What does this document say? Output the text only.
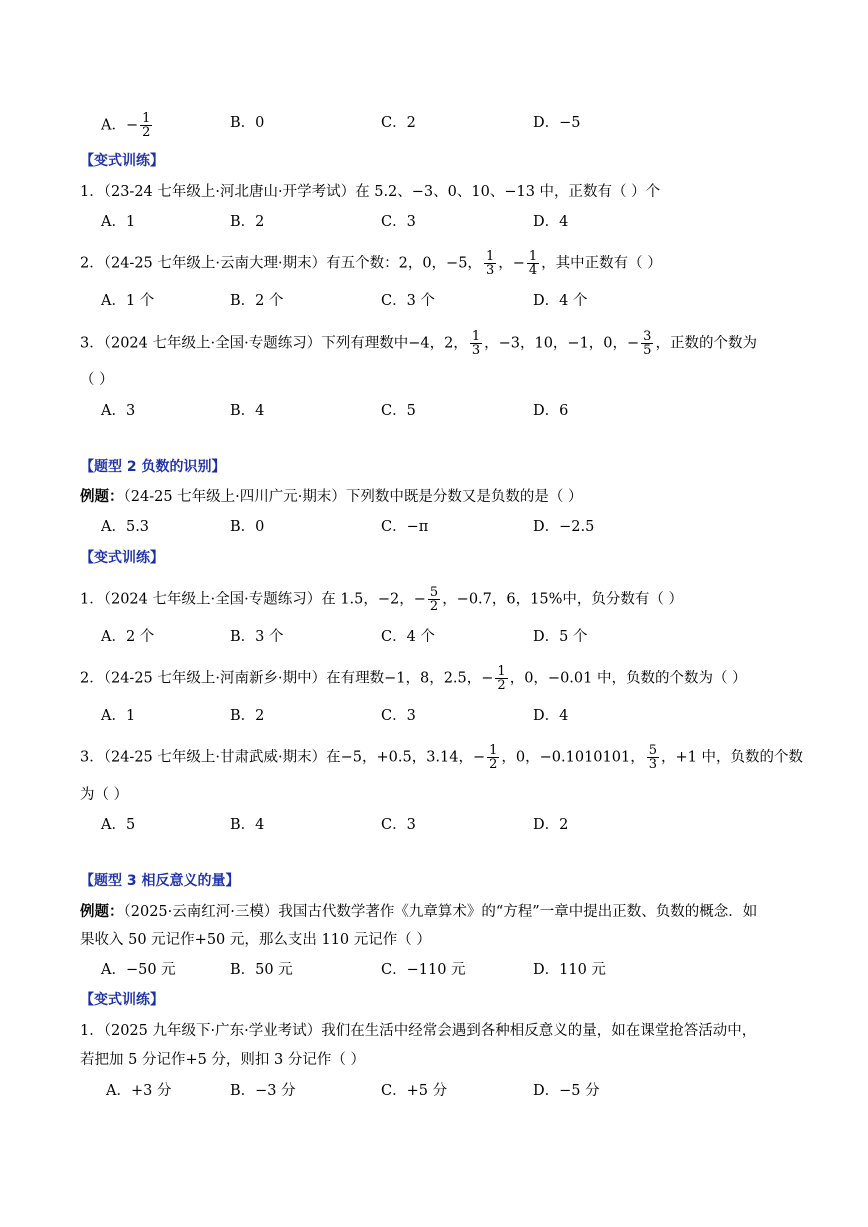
A．− $\frac{1}{2}$	B．0	C．2	D．−5
【变式训练】
1．（23-24 七年级上·河北唐山·开学考试）在 5.2、−3、0、10、−13 中，正数有（ ）个
A．1	B．2	C．3	D．4
2．（24-25 七年级上·云南大理·期末）有五个数：2，0，−5， $\frac{1}{3}$ ，− $\frac{1}{4}$ ，其中正数有（ ）
A．1 个	B．2 个	C．3 个	D．4 个
3．（2024 七年级上·全国·专题练习）下列有理数中−4，2， $\frac{1}{3}$ ，−3，10，−1，0，− $\frac{3}{5}$ ，正数的个数为
（ ）
A．3	B．4	C．5	D．6
【题型 2 负数的识别】
例题：（24-25 七年级上·四川广元·期末）下列数中既是分数又是负数的是（ ）
A．5.3	B．0	C．−π	D．−2.5
【变式训练】
1．（2024 七年级上·全国·专题练习）在 1.5，−2，− $\frac{5}{2}$ ，−0.7，6，15%中，负分数有（ ）
A．2 个	B．3 个	C．4 个	D．5 个
2．（24-25 七年级上·河南新乡·期中）在有理数−1，8，2.5，− $\frac{1}{2}$ ，0，−0.01 中，负数的个数为（ ）
A．1	B．2	C．3	D．4
3．（24-25 七年级上·甘肃武威·期末）在−5，+0.5，3.14，− $\frac{1}{2}$ ，0，−0.1010101， $\frac{5}{3}$ ，+1 中，负数的个数
为（ ）
A．5	B．4	C．3	D．2
【题型 3 相反意义的量】
例题：（2025·云南红河·三模）我国古代数学著作《九章算术》的“方程”一章中提出正数、负数的概念．如
果收入 50 元记作+50 元，那么支出 110 元记作（ ）
A．−50 元	B．50 元	C．−110 元	D．110 元
【变式训练】
1．（2025 九年级下·广东·学业考试）我们在生活中经常会遇到各种相反意义的量，如在课堂抢答活动中，
若把加 5 分记作+5 分，则扣 3 分记作（ ）
A．+3 分	B．−3 分	C．+5 分	D．−5 分
